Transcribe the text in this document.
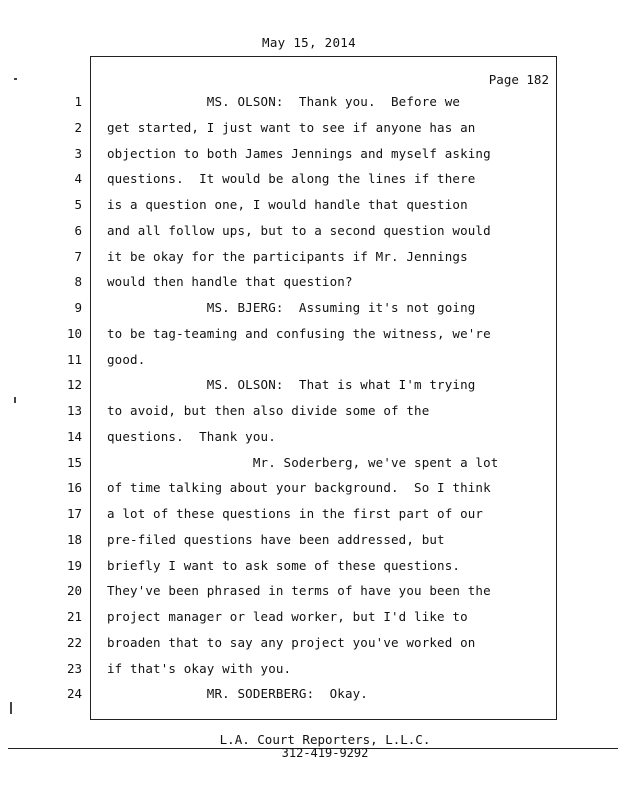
May 15, 2014
Page 182
1 MS. OLSON:  Thank you.  Before we
2 get started, I just want to see if anyone has an
3 objection to both James Jennings and myself asking
4 questions.  It would be along the lines if there
5 is a question one, I would handle that question
6 and all follow ups, but to a second question would
7 it be okay for the participants if Mr. Jennings
8 would then handle that question?
9 MS. BJERG:  Assuming it's not going
10 to be tag-teaming and confusing the witness, we're
11 good.
12 MS. OLSON:  That is what I'm trying
13 to avoid, but then also divide some of the
14 questions.  Thank you.
15 Mr. Soderberg, we've spent a lot
16 of time talking about your background.  So I think
17 a lot of these questions in the first part of our
18 pre-filed questions have been addressed, but
19 briefly I want to ask some of these questions.
20 They've been phrased in terms of have you been the
21 project manager or lead worker, but I'd like to
22 broaden that to say any project you've worked on
23 if that's okay with you.
24 MR. SODERBERG:  Okay.
L.A. Court Reporters, L.L.C.
312-419-9292
